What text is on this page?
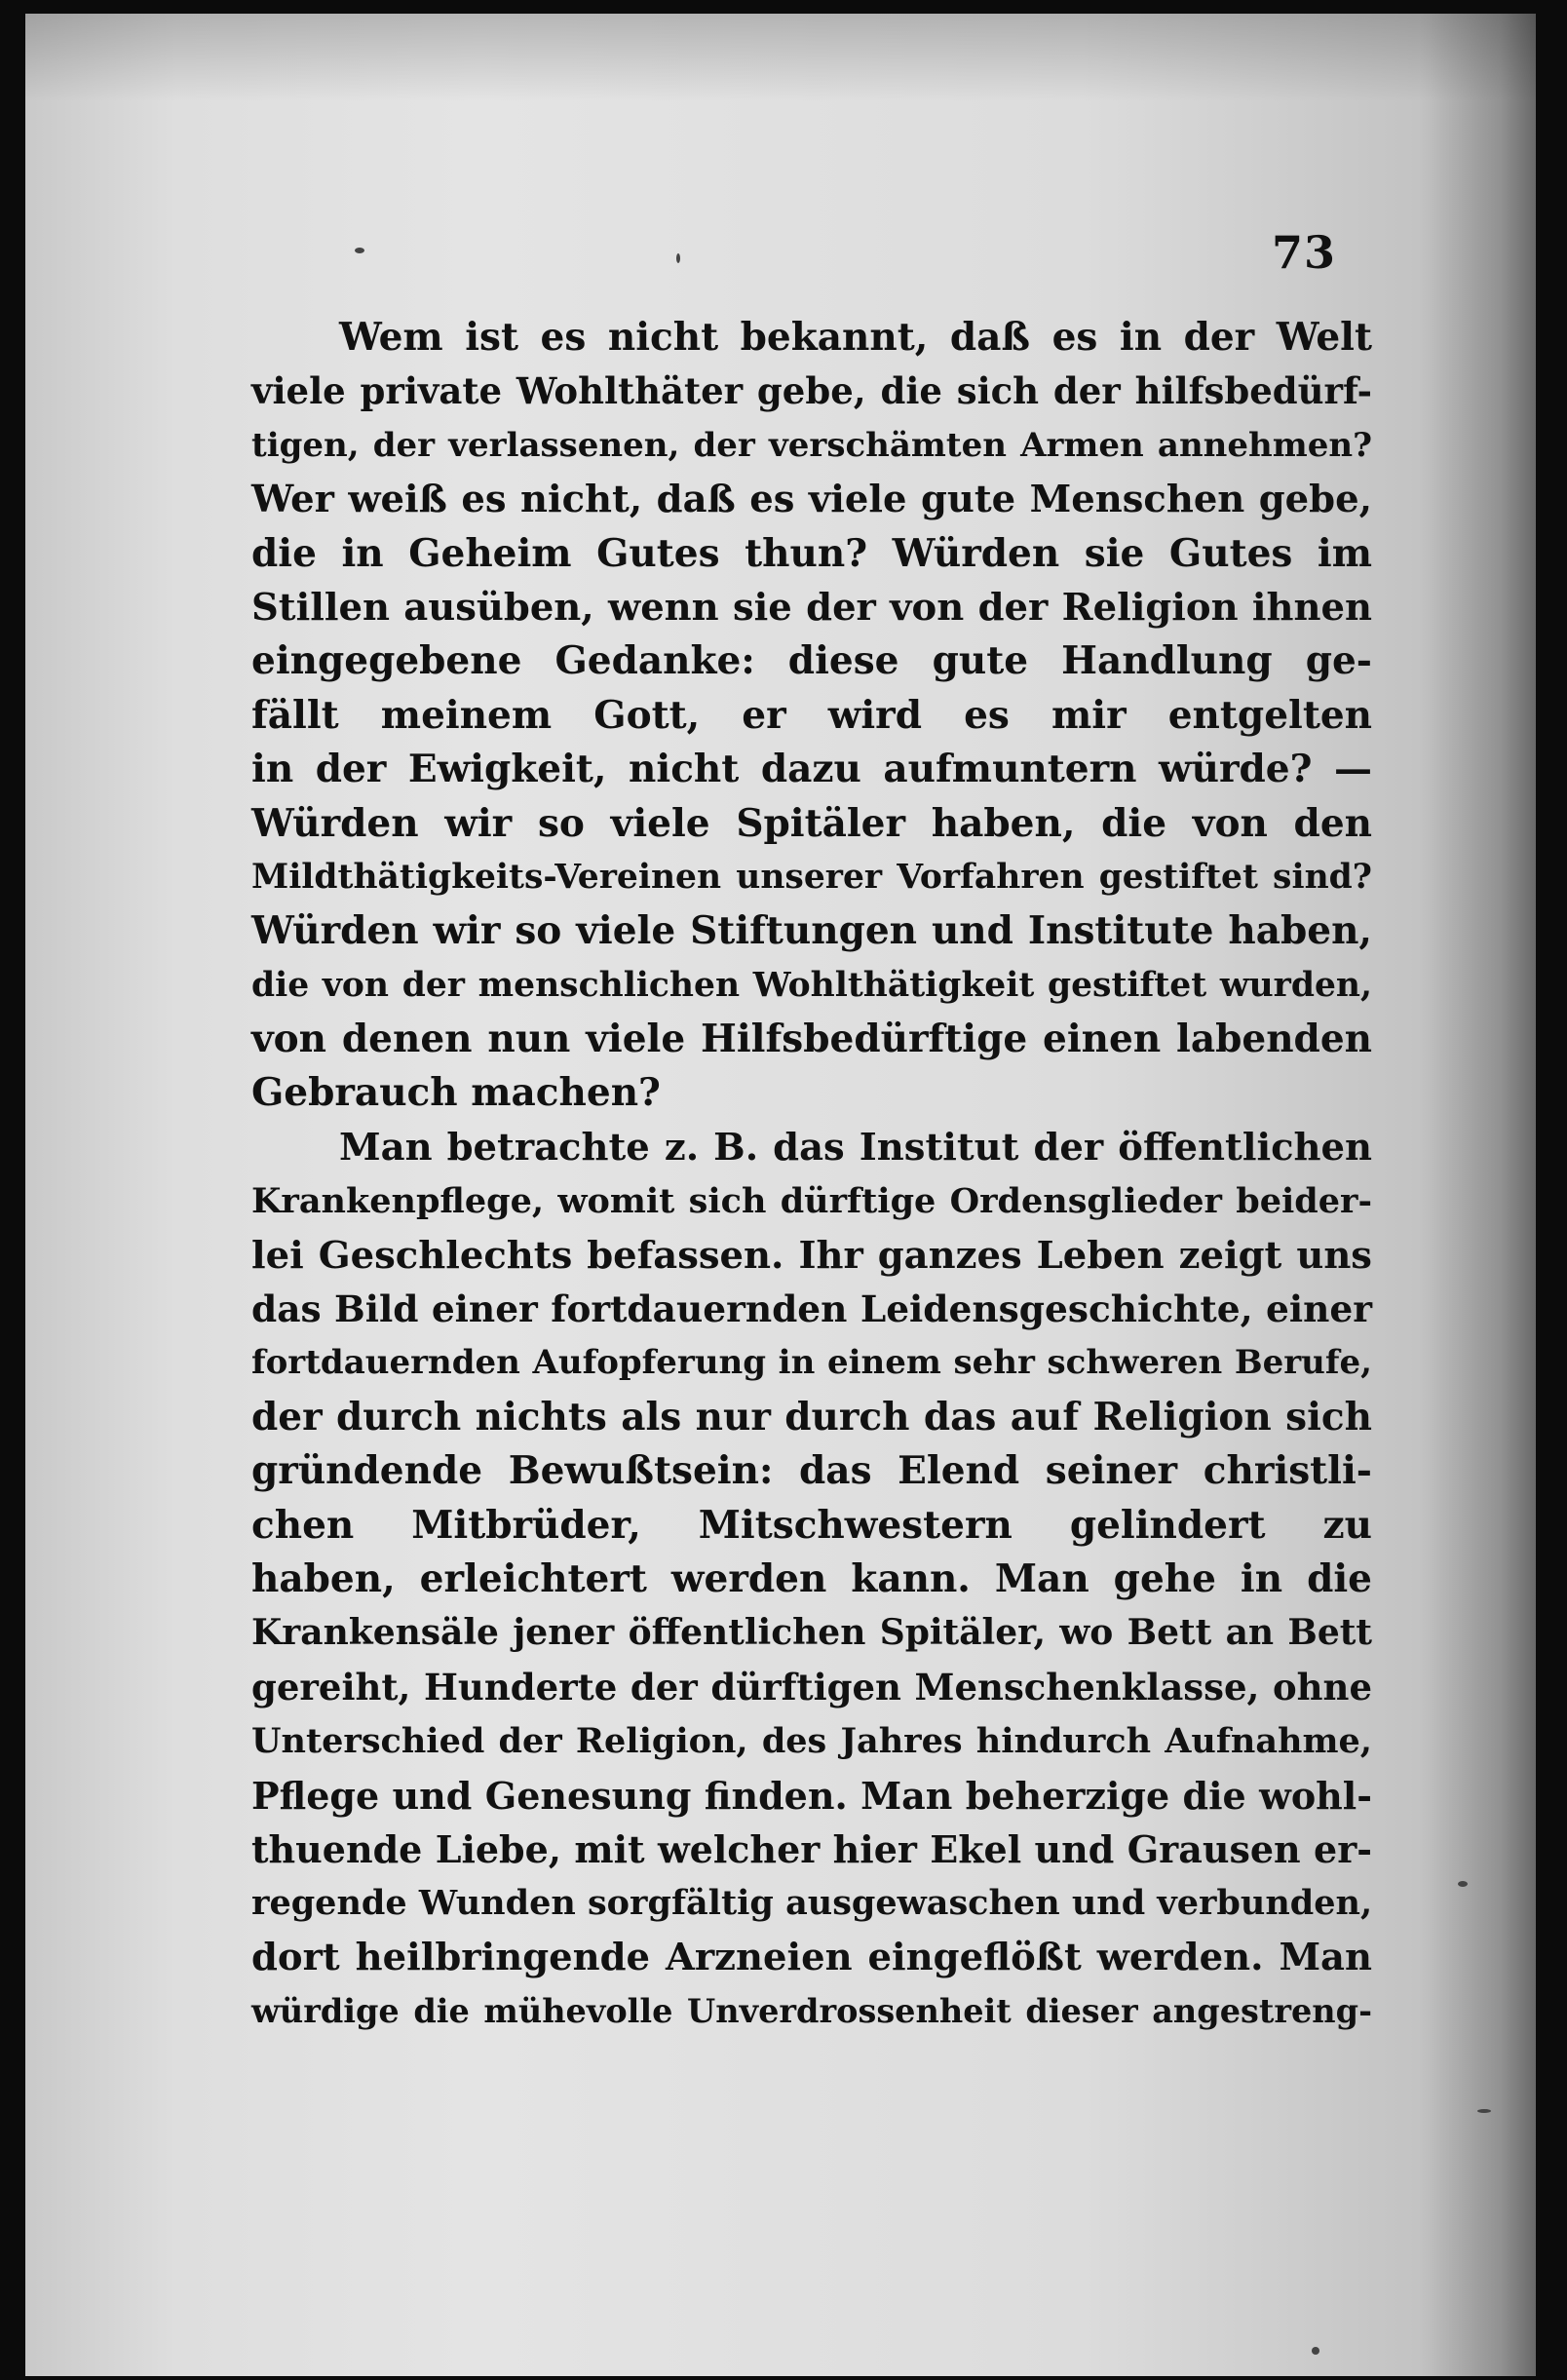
73
Wem ist es nicht bekannt, daß es in der Welt
viele private Wohlthäter gebe, die sich der hilfsbedürf-
tigen, der verlassenen, der verschämten Armen annehmen?
Wer weiß es nicht, daß es viele gute Menschen gebe,
die in Geheim Gutes thun? Würden sie Gutes im
Stillen ausüben, wenn sie der von der Religion ihnen
eingegebene Gedanke: diese gute Handlung ge-
fällt meinem Gott, er wird es mir entgelten
in der Ewigkeit, nicht dazu aufmuntern würde? —
Würden wir so viele Spitäler haben, die von den
Mildthätigkeits-Vereinen unserer Vorfahren gestiftet sind?
Würden wir so viele Stiftungen und Institute haben,
die von der menschlichen Wohlthätigkeit gestiftet wurden,
von denen nun viele Hilfsbedürftige einen labenden
Gebrauch machen?
Man betrachte z. B. das Institut der öffentlichen
Krankenpflege, womit sich dürftige Ordensglieder beider-
lei Geschlechts befassen. Ihr ganzes Leben zeigt uns
das Bild einer fortdauernden Leidensgeschichte, einer
fortdauernden Aufopferung in einem sehr schweren Berufe,
der durch nichts als nur durch das auf Religion sich
gründende Bewußtsein: das Elend seiner christli-
chen Mitbrüder, Mitschwestern gelindert zu
haben, erleichtert werden kann. Man gehe in die
Krankensäle jener öffentlichen Spitäler, wo Bett an Bett
gereiht, Hunderte der dürftigen Menschenklasse, ohne
Unterschied der Religion, des Jahres hindurch Aufnahme,
Pflege und Genesung finden. Man beherzige die wohl-
thuende Liebe, mit welcher hier Ekel und Grausen er-
regende Wunden sorgfältig ausgewaschen und verbunden,
dort heilbringende Arzneien eingeflößt werden. Man
würdige die mühevolle Unverdrossenheit dieser angestreng-
